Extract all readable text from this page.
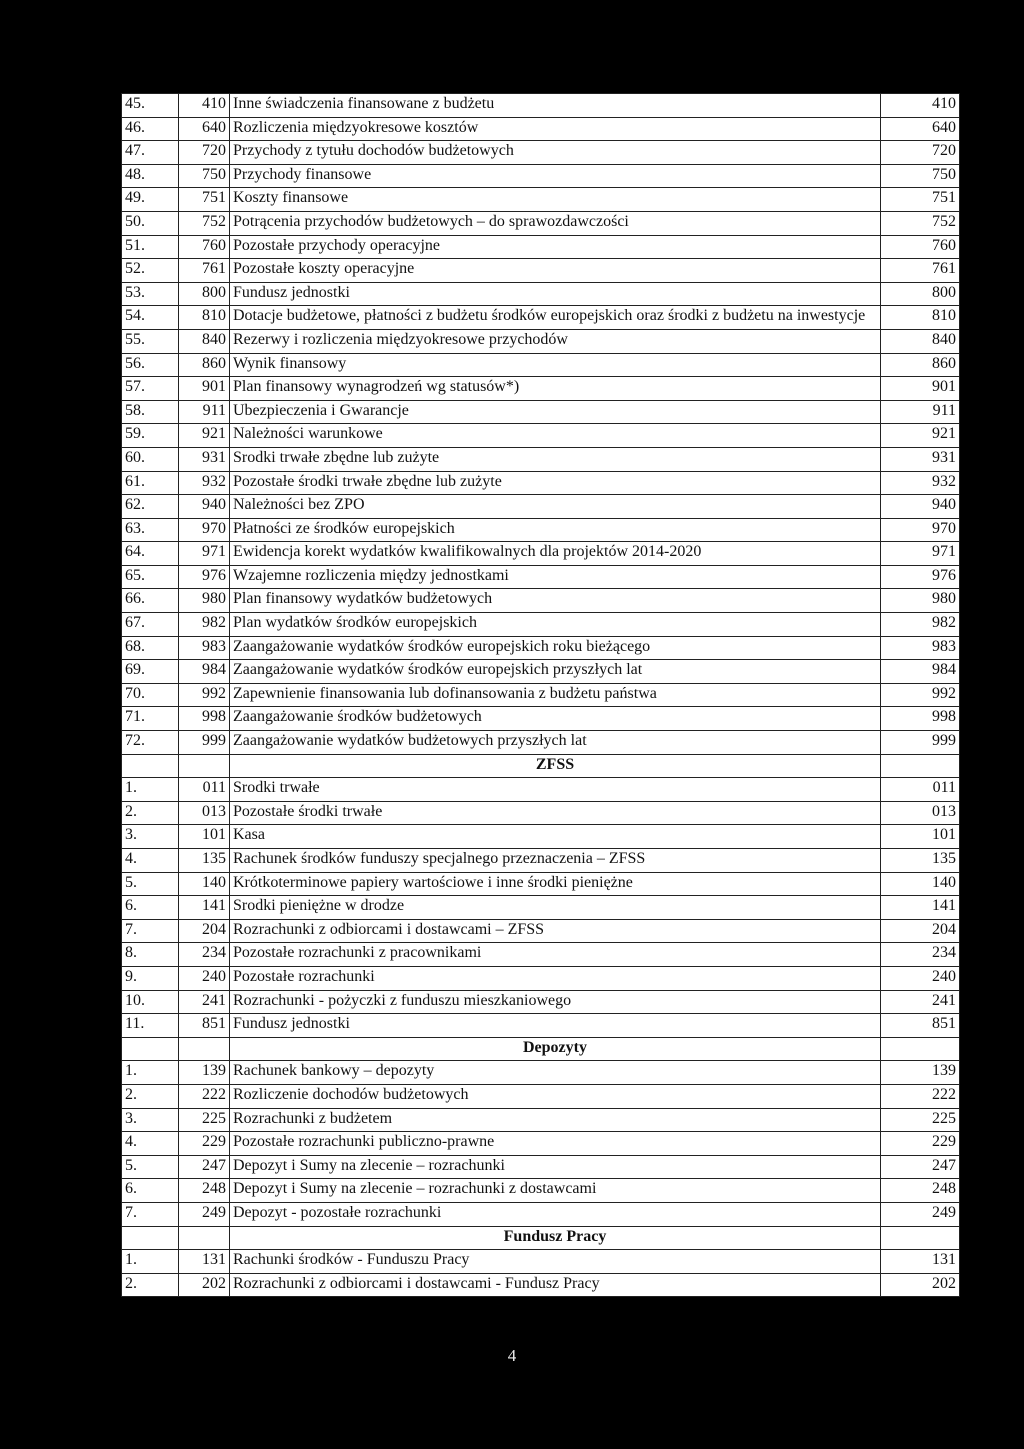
45.	410	Inne świadczenia finansowane z budżetu	410
46.	640	Rozliczenia międzyokresowe kosztów	640
47.	720	Przychody z tytułu dochodów budżetowych	720
48.	750	Przychody finansowe	750
49.	751	Koszty finansowe	751
50.	752	Potrącenia przychodów budżetowych – do sprawozdawczości	752
51.	760	Pozostałe przychody operacyjne	760
52.	761	Pozostałe koszty operacyjne	761
53.	800	Fundusz jednostki	800
54.	810	Dotacje budżetowe, płatności z budżetu środków europejskich oraz środki z budżetu na inwestycje	810
55.	840	Rezerwy i rozliczenia międzyokresowe przychodów	840
56.	860	Wynik finansowy	860
57.	901	Plan finansowy wynagrodzeń wg statusów*)	901
58.	911	Ubezpieczenia i Gwarancje	911
59.	921	Należności warunkowe	921
60.	931	Srodki trwałe zbędne lub zużyte	931
61.	932	Pozostałe środki trwałe zbędne lub zużyte	932
62.	940	Należności bez ZPO	940
63.	970	Płatności ze środków europejskich	970
64.	971	Ewidencja korekt wydatków kwalifikowalnych dla projektów 2014-2020	971
65.	976	Wzajemne rozliczenia między jednostkami	976
66.	980	Plan finansowy wydatków budżetowych	980
67.	982	Plan wydatków środków europejskich	982
68.	983	Zaangażowanie wydatków środków europejskich roku bieżącego	983
69.	984	Zaangażowanie wydatków środków europejskich przyszłych lat	984
70.	992	Zapewnienie finansowania lub dofinansowania z budżetu państwa	992
71.	998	Zaangażowanie środków budżetowych	998
72.	999	Zaangażowanie wydatków budżetowych przyszłych lat	999
		ZFSS	
1.	011	Srodki trwałe	011
2.	013	Pozostałe środki trwałe	013
3.	101	Kasa	101
4.	135	Rachunek środków funduszy specjalnego przeznaczenia – ZFSS	135
5.	140	Krótkoterminowe papiery wartościowe i inne środki pieniężne	140
6.	141	Srodki pieniężne w drodze	141
7.	204	Rozrachunki z odbiorcami i dostawcami – ZFSS	204
8.	234	Pozostałe rozrachunki z pracownikami	234
9.	240	Pozostałe rozrachunki	240
10.	241	Rozrachunki - pożyczki z funduszu mieszkaniowego	241
11.	851	Fundusz jednostki	851
		Depozyty	
1.	139	Rachunek bankowy – depozyty	139
2.	222	Rozliczenie dochodów budżetowych	222
3.	225	Rozrachunki z budżetem	225
4.	229	Pozostałe rozrachunki publiczno-prawne	229
5.	247	Depozyt i Sumy na zlecenie – rozrachunki	247
6.	248	Depozyt i Sumy na zlecenie – rozrachunki z dostawcami	248
7.	249	Depozyt - pozostałe rozrachunki	249
		Fundusz Pracy	
1.	131	Rachunki środków - Funduszu Pracy	131
2.	202	Rozrachunki z odbiorcami i dostawcami - Fundusz Pracy	202
4
